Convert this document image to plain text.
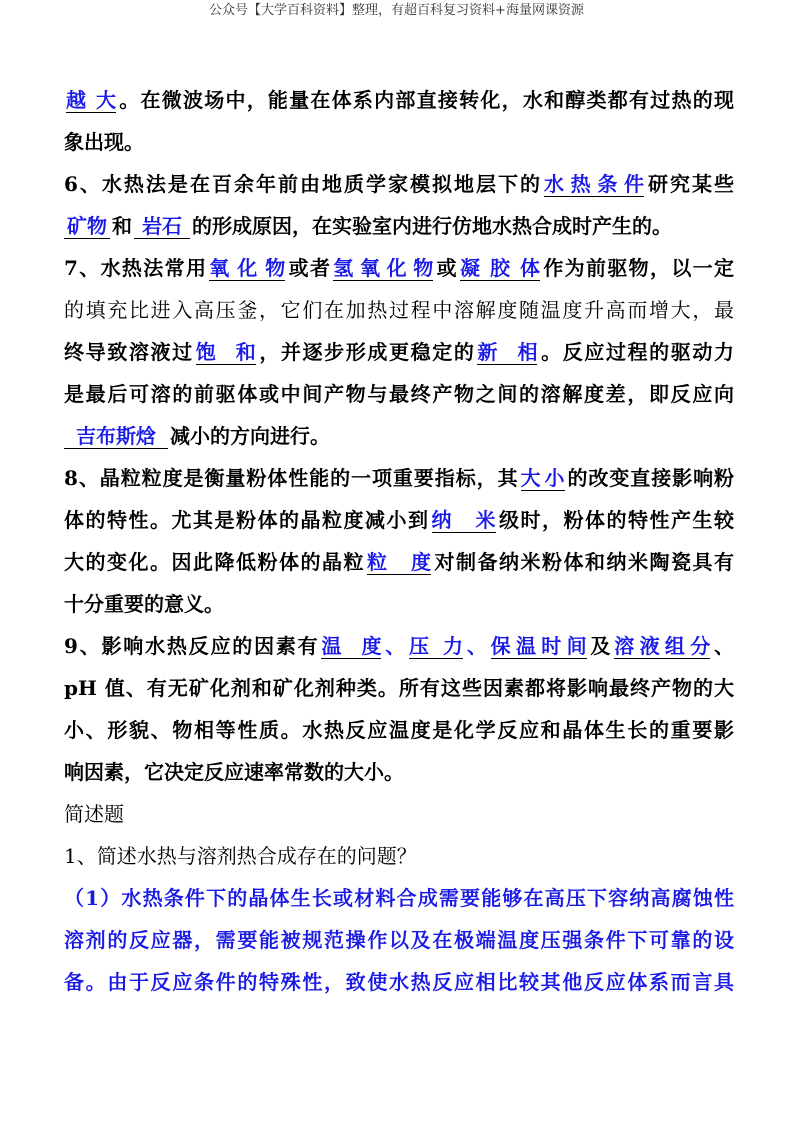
公众号【大学百科资料】整理，有超百科复习资料+海量网课资源

越大 。在微波场中，能量在体系内部直接转化，水和醇类都有过热的现

象出现。

6、水热法是在百余年前由地质学家模拟地层下的 水热条件 研究某些

矿物 和 岩石 的形成原因，在实验室内进行仿地水热合成时产生的。

7、水热法常用 氧化物 或者 氢氧化物 或 凝胶体 作为前驱物，以一定

的填充比进入高压釜，它们在加热过程中溶解度随温度升高而增大，最

终导致溶液过 饱和 ，并逐步形成更稳定的 新相 。反应过程的驱动力

是最后可溶的前驱体或中间产物与最终产物之间的溶解度差，即反应向

吉布斯焓 减小的方向进行。

8、晶粒粒度是衡量粉体性能的一项重要指标，其 大小 的改变直接影响粉

体的特性。尤其是粉体的晶粒度减小到 纳米 级时，粉体的特性产生较

大的变化。因此降低粉体的晶粒 粒度 对制备纳米粉体和纳米陶瓷具有

十分重要的意义。

9、影响水热反应的因素有 温度 、 压力 、 保温时间 及 溶液组分 、

pH 值、有无矿化剂和矿化剂种类。所有这些因素都将影响最终产物的大

小、形貌、物相等性质。水热反应温度是化学反应和晶体生长的重要影

响因素，它决定反应速率常数的大小。

简述题

1、简述水热与溶剂热合成存在的问题？

（1）水热条件下的晶体生长或材料合成需要能够在高压下容纳高腐蚀性

溶剂的反应器，需要能被规范操作以及在极端温度压强条件下可靠的设

备。由于反应条件的特殊性，致使水热反应相比较其他反应体系而言具
